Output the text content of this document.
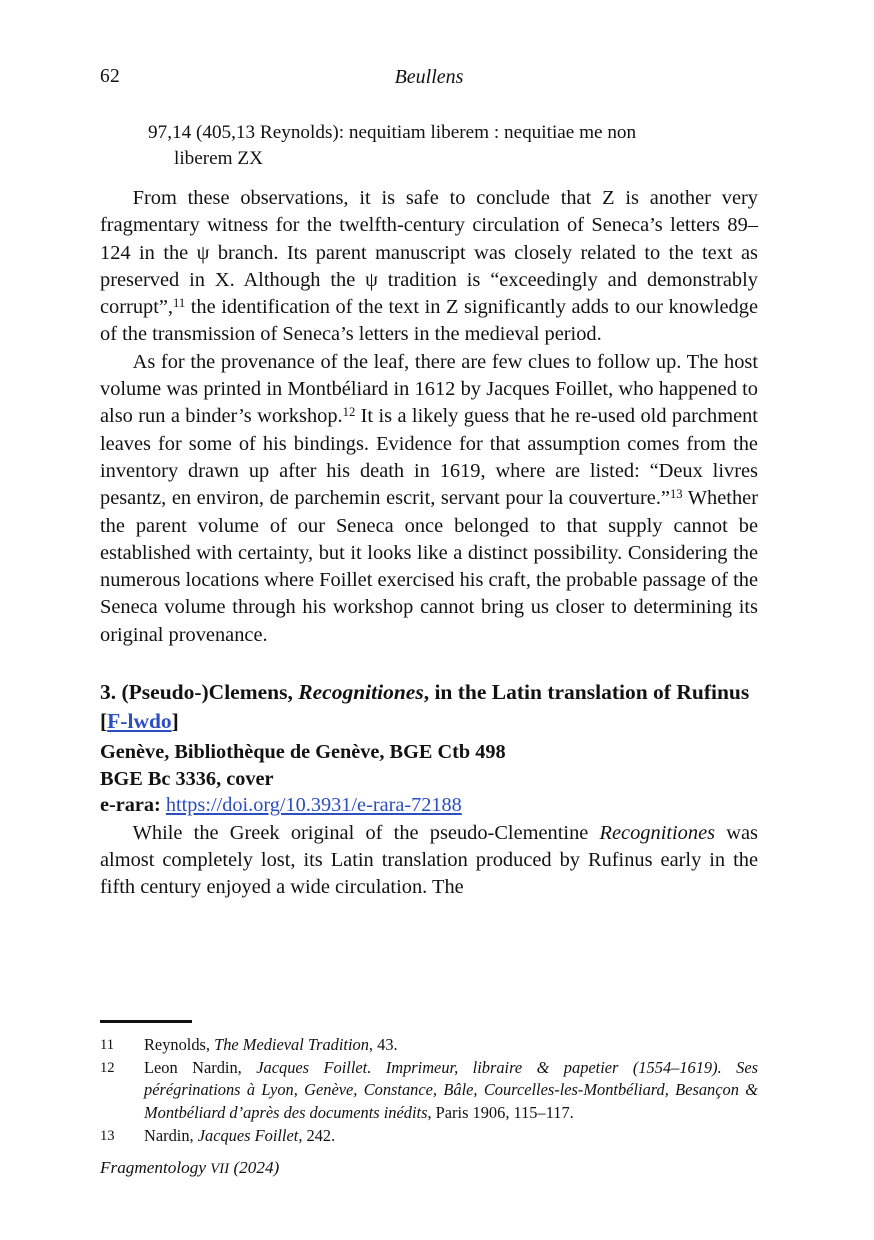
62	Beullens
97,14 (405,13 Reynolds): nequitiam liberem : nequitiae me non
liberem ZX

From these observations, it is safe to conclude that Z is another very fragmentary witness for the twelfth-century circulation of Seneca’s letters 89–124 in the ψ branch. Its parent manuscript was closely related to the text as preserved in X. Although the ψ tradition is “exceedingly and demonstrably corrupt”,$^{11}$ the identification of the text in Z significantly adds to our knowledge of the transmission of Seneca’s letters in the medieval period.

As for the provenance of the leaf, there are few clues to follow up. The host volume was printed in Montbéliard in 1612 by Jacques Foillet, who happened to also run a binder’s workshop.$^{12}$ It is a likely guess that he re-used old parchment leaves for some of his bindings. Evidence for that assumption comes from the inventory drawn up after his death in 1619, where are listed: “Deux livres pesantz, en environ, de parchemin escrit, servant pour la couverture.”$^{13}$ Whether the parent volume of our Seneca once belonged to that supply cannot be established with certainty, but it looks like a distinct possibility. Considering the numerous locations where Foillet exercised his craft, the probable passage of the Seneca volume through his workshop cannot bring us closer to determining its original provenance.

3. (Pseudo-)Clemens, Recognitiones, in the Latin translation of Rufinus [F-lwdo]

Genève, Bibliothèque de Genève, BGE Ctb 498

BGE Bc 3336, cover

e-rara: https://doi.org/10.3931/e-rara-72188

While the Greek original of the pseudo-Clementine Recognitiones was almost completely lost, its Latin translation produced by Rufinus early in the fifth century enjoyed a wide circulation. The

11	Reynolds, The Medieval Tradition, 43.
12	Leon Nardin, Jacques Foillet. Imprimeur, libraire & papetier (1554–1619). Ses pérégrinations à Lyon, Genève, Constance, Bâle, Courcelles-les-Montbéliard, Besançon & Montbéliard d’après des documents inédits, Paris 1906, 115–117.
13	Nardin, Jacques Foillet, 242.
Fragmentology VII (2024)
